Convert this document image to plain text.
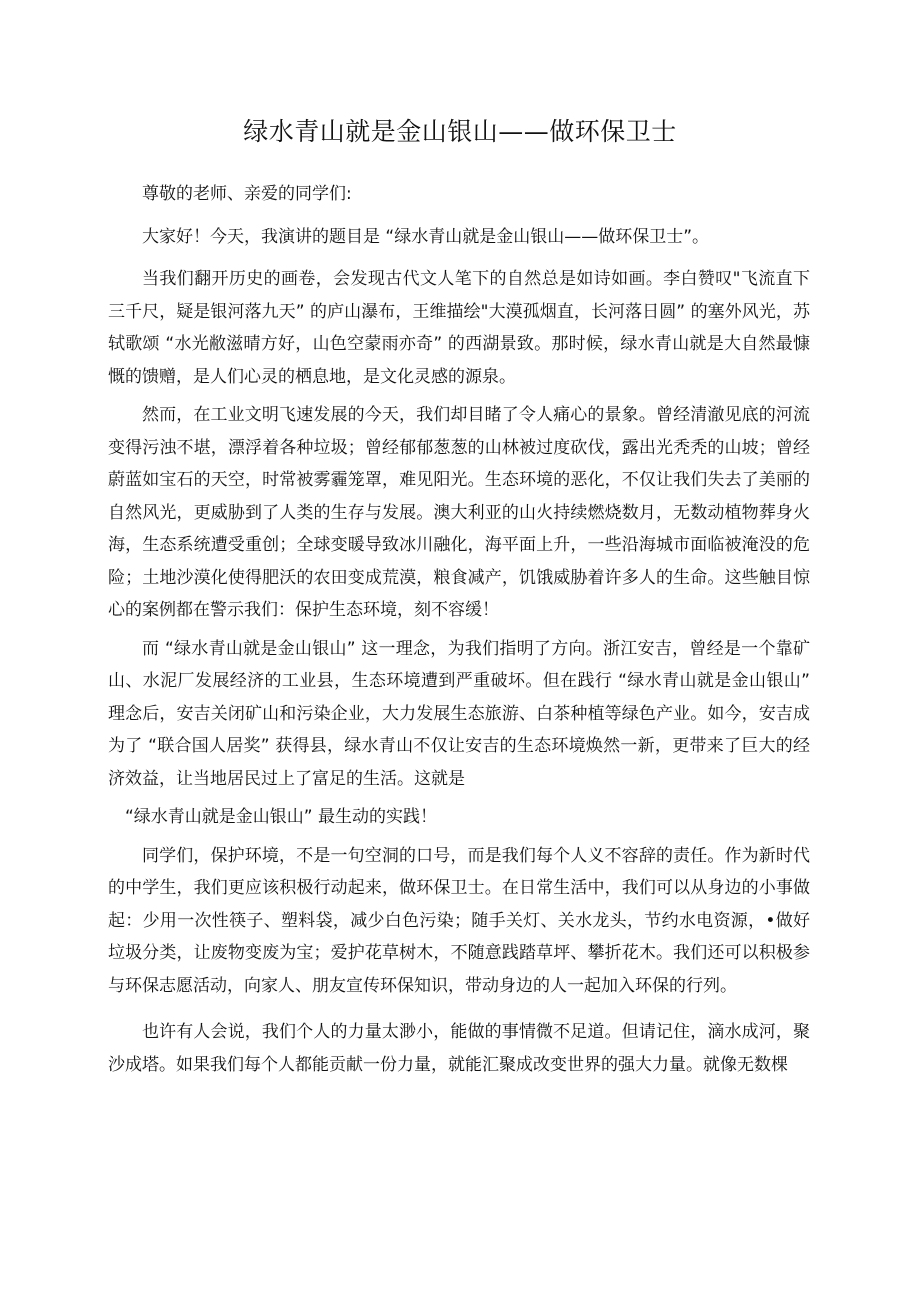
绿水青山就是金山银山——做环保卫士

尊敬的老师、亲爱的同学们:

大家好！今天，我演讲的题目是 “绿水青山就是金山银山——做环保卫士”。

当我们翻开历史的画卷，会发现古代文人笔下的自然总是如诗如画。李白赞叹"飞流直下三千尺，疑是银河落九天” 的庐山瀑布，王维描绘"大漠孤烟直，长河落日圆” 的塞外风光，苏轼歌颂 “水光敝滋晴方好，山色空蒙雨亦奇” 的西湖景致。那时候，绿水青山就是大自然最慷慨的馈赠，是人们心灵的栖息地，是文化灵感的源泉。

然而，在工业文明飞速发展的今天，我们却目睹了令人痛心的景象。曾经清澈见底的河流变得污浊不堪，漂浮着各种垃圾；曾经郁郁葱葱的山林被过度砍伐，露出光秃秃的山坡；曾经蔚蓝如宝石的天空，时常被雾霾笼罩，难见阳光。生态环境的恶化，不仅让我们失去了美丽的自然风光，更威胁到了人类的生存与发展。澳大利亚的山火持续燃烧数月，无数动植物葬身火海，生态系统遭受重创；全球变暖导致冰川融化，海平面上升，一些沿海城市面临被淹没的危险；土地沙漠化使得肥沃的农田变成荒漠，粮食减产，饥饿威胁着许多人的生命。这些触目惊心的案例都在警示我们：保护生态环境，刻不容缓！

而 “绿水青山就是金山银山” 这一理念，为我们指明了方向。浙江安吉，曾经是一个靠矿山、水泥厂发展经济的工业县，生态环境遭到严重破坏。但在践行 “绿水青山就是金山银山” 理念后，安吉关闭矿山和污染企业，大力发展生态旅游、白茶种植等绿色产业。如今，安吉成为了 “联合国人居奖” 获得县，绿水青山不仅让安吉的生态环境焕然一新，更带来了巨大的经济效益，让当地居民过上了富足的生活。这就是

“绿水青山就是金山银山” 最生动的实践！

同学们，保护环境，不是一句空洞的口号，而是我们每个人义不容辞的责任。作为新时代的中学生，我们更应该积极行动起来，做环保卫士。在日常生活中，我们可以从身边的小事做起：少用一次性筷子、塑料袋，减少白色污染；随手关灯、关水龙头，节约水电资源，•做好垃圾分类，让废物变废为宝；爱护花草树木，不随意践踏草坪、攀折花木。我们还可以积极参与环保志愿活动，向家人、朋友宣传环保知识，带动身边的人一起加入环保的行列。

也许有人会说，我们个人的力量太渺小，能做的事情微不足道。但请记住，滴水成河，聚沙成塔。如果我们每个人都能贡献一份力量，就能汇聚成改变世界的强大力量。就像无数棵
